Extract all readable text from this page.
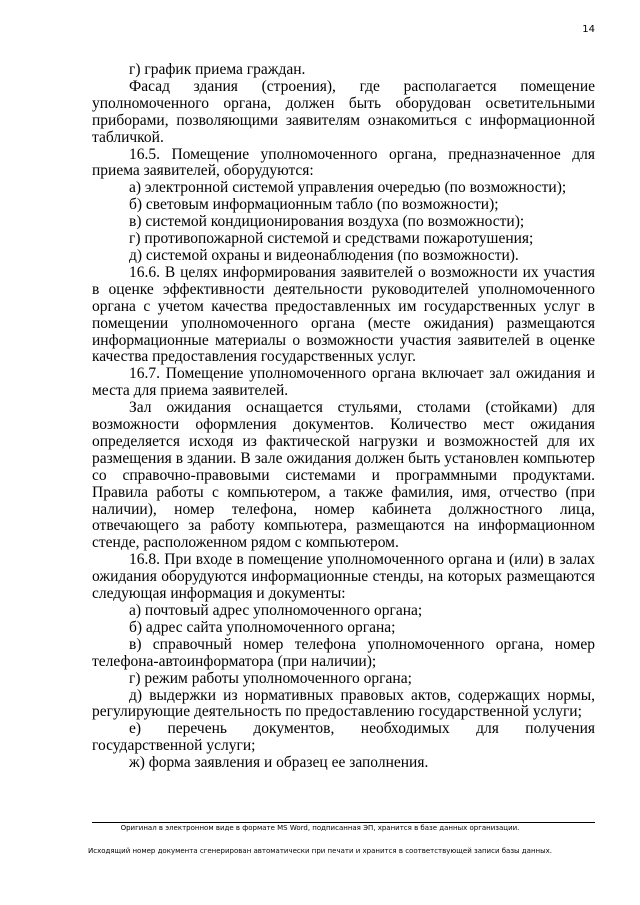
14

г) график приема граждан.

Фасад здания (строения), где располагается помещение уполномоченного органа, должен быть оборудован осветительными приборами, позволяющими заявителям ознакомиться с информационной табличкой.

16.5. Помещение уполномоченного органа, предназначенное для приема заявителей, оборудуются:

а) электронной системой управления очередью (по возможности);

б) световым информационным табло (по возможности);

в) системой кондиционирования воздуха (по возможности);

г) противопожарной системой и средствами пожаротушения;

д) системой охраны и видеонаблюдения (по возможности).

16.6. В целях информирования заявителей о возможности их участия в оценке эффективности деятельности руководителей уполномоченного органа с учетом качества предоставленных им государственных услуг в помещении уполномоченного органа (месте ожидания) размещаются информационные материалы о возможности участия заявителей в оценке качества предоставления государственных услуг.

16.7. Помещение уполномоченного органа включает зал ожидания и места для приема заявителей.

Зал ожидания оснащается стульями, столами (стойками) для возможности оформления документов. Количество мест ожидания определяется исходя из фактической нагрузки и возможностей для их размещения в здании. В зале ожидания должен быть установлен компьютер со справочно-правовыми системами и программными продуктами. Правила работы с компьютером, а также фамилия, имя, отчество (при наличии), номер телефона, номер кабинета должностного лица, отвечающего за работу компьютера, размещаются на информационном стенде, расположенном рядом с компьютером.

16.8. При входе в помещение уполномоченного органа и (или) в залах ожидания оборудуются информационные стенды, на которых размещаются следующая информация и документы:

а) почтовый адрес уполномоченного органа;

б) адрес сайта уполномоченного органа;

в) справочный номер телефона уполномоченного органа, номер телефона-автоинформатора (при наличии);

г) режим работы уполномоченного органа;

д) выдержки из нормативных правовых актов, содержащих нормы, регулирующие деятельность по предоставлению государственной услуги;

е) перечень документов, необходимых для получения государственной услуги;

ж) форма заявления и образец ее заполнения.

Оригинал в электронном виде в формате MS Word, подписанная ЭП, хранится в базе данных организации.
Исходящий номер документа сгенерирован автоматически при печати и хранится в соответствующей записи базы данных.
